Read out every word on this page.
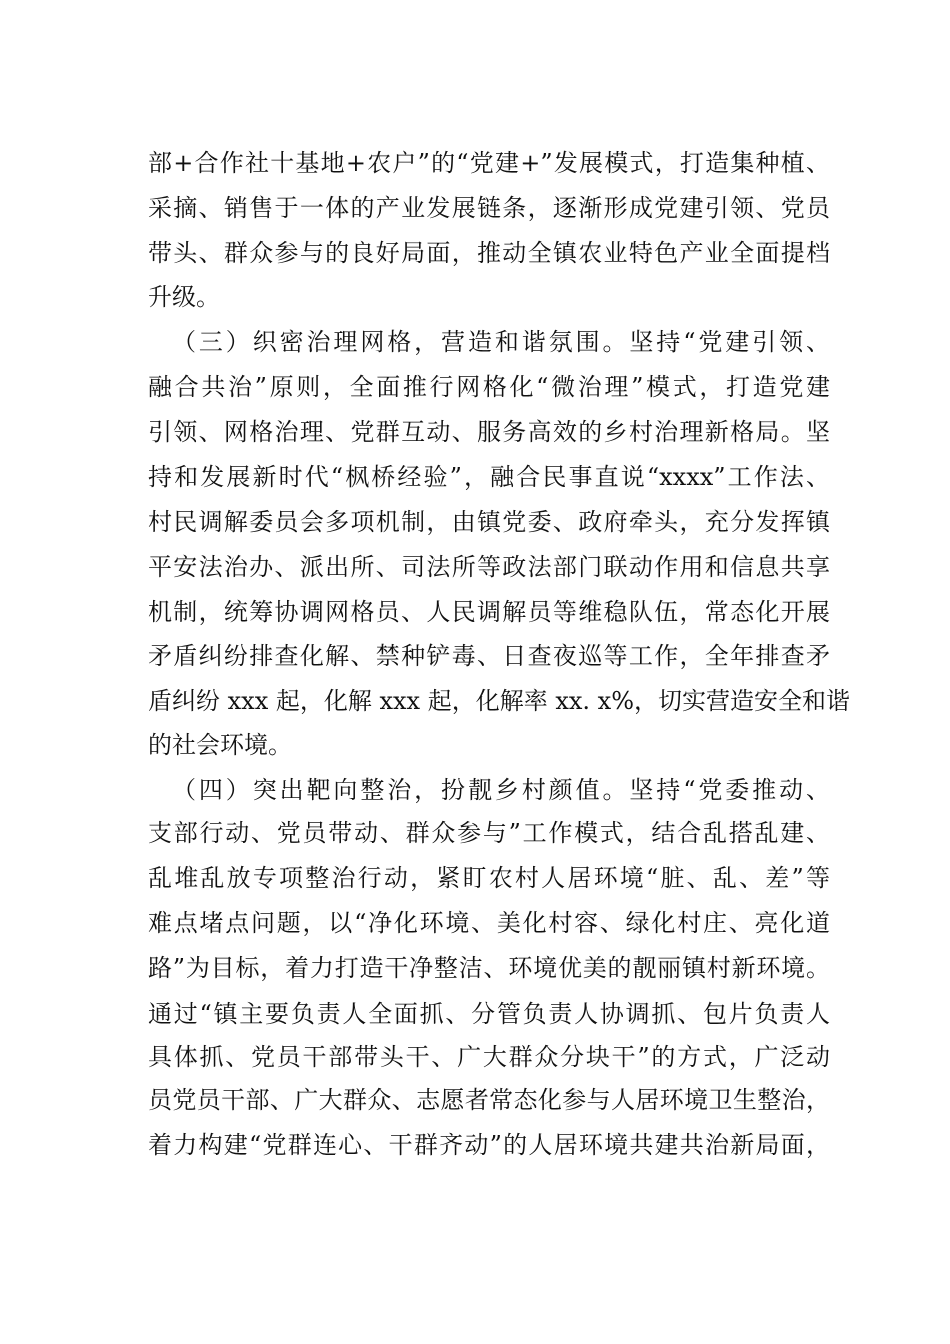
部+合作社十基地+农户”的“党建+”发展模式，打造集种植、
采摘、销售于一体的产业发展链条，逐渐形成党建引领、党员
带头、群众参与的良好局面，推动全镇农业特色产业全面提档
升级。
（三）织密治理网格，营造和谐氛围。坚持“党建引领、
融合共治”原则，全面推行网格化“微治理”模式，打造党建
引领、网格治理、党群互动、服务高效的乡村治理新格局。坚
持和发展新时代“枫桥经验”，融合民事直说“xxxx”工作法、
村民调解委员会多项机制，由镇党委、政府牵头，充分发挥镇
平安法治办、派出所、司法所等政法部门联动作用和信息共享
机制，统筹协调网格员、人民调解员等维稳队伍，常态化开展
矛盾纠纷排查化解、禁种铲毒、日查夜巡等工作，全年排查矛
盾纠纷 xxx 起，化解 xxx 起，化解率 xx. x%，切实营造安全和谐
的社会环境。
（四）突出靶向整治，扮靓乡村颜值。坚持“党委推动、
支部行动、党员带动、群众参与”工作模式，结合乱搭乱建、
乱堆乱放专项整治行动，紧盯农村人居环境“脏、乱、差”等
难点堵点问题，以“净化环境、美化村容、绿化村庄、亮化道
路”为目标，着力打造干净整洁、环境优美的靓丽镇村新环境。
通过“镇主要负责人全面抓、分管负责人协调抓、包片负责人
具体抓、党员干部带头干、广大群众分块干”的方式，广泛动
员党员干部、广大群众、志愿者常态化参与人居环境卫生整治，
着力构建“党群连心、干群齐动”的人居环境共建共治新局面，
